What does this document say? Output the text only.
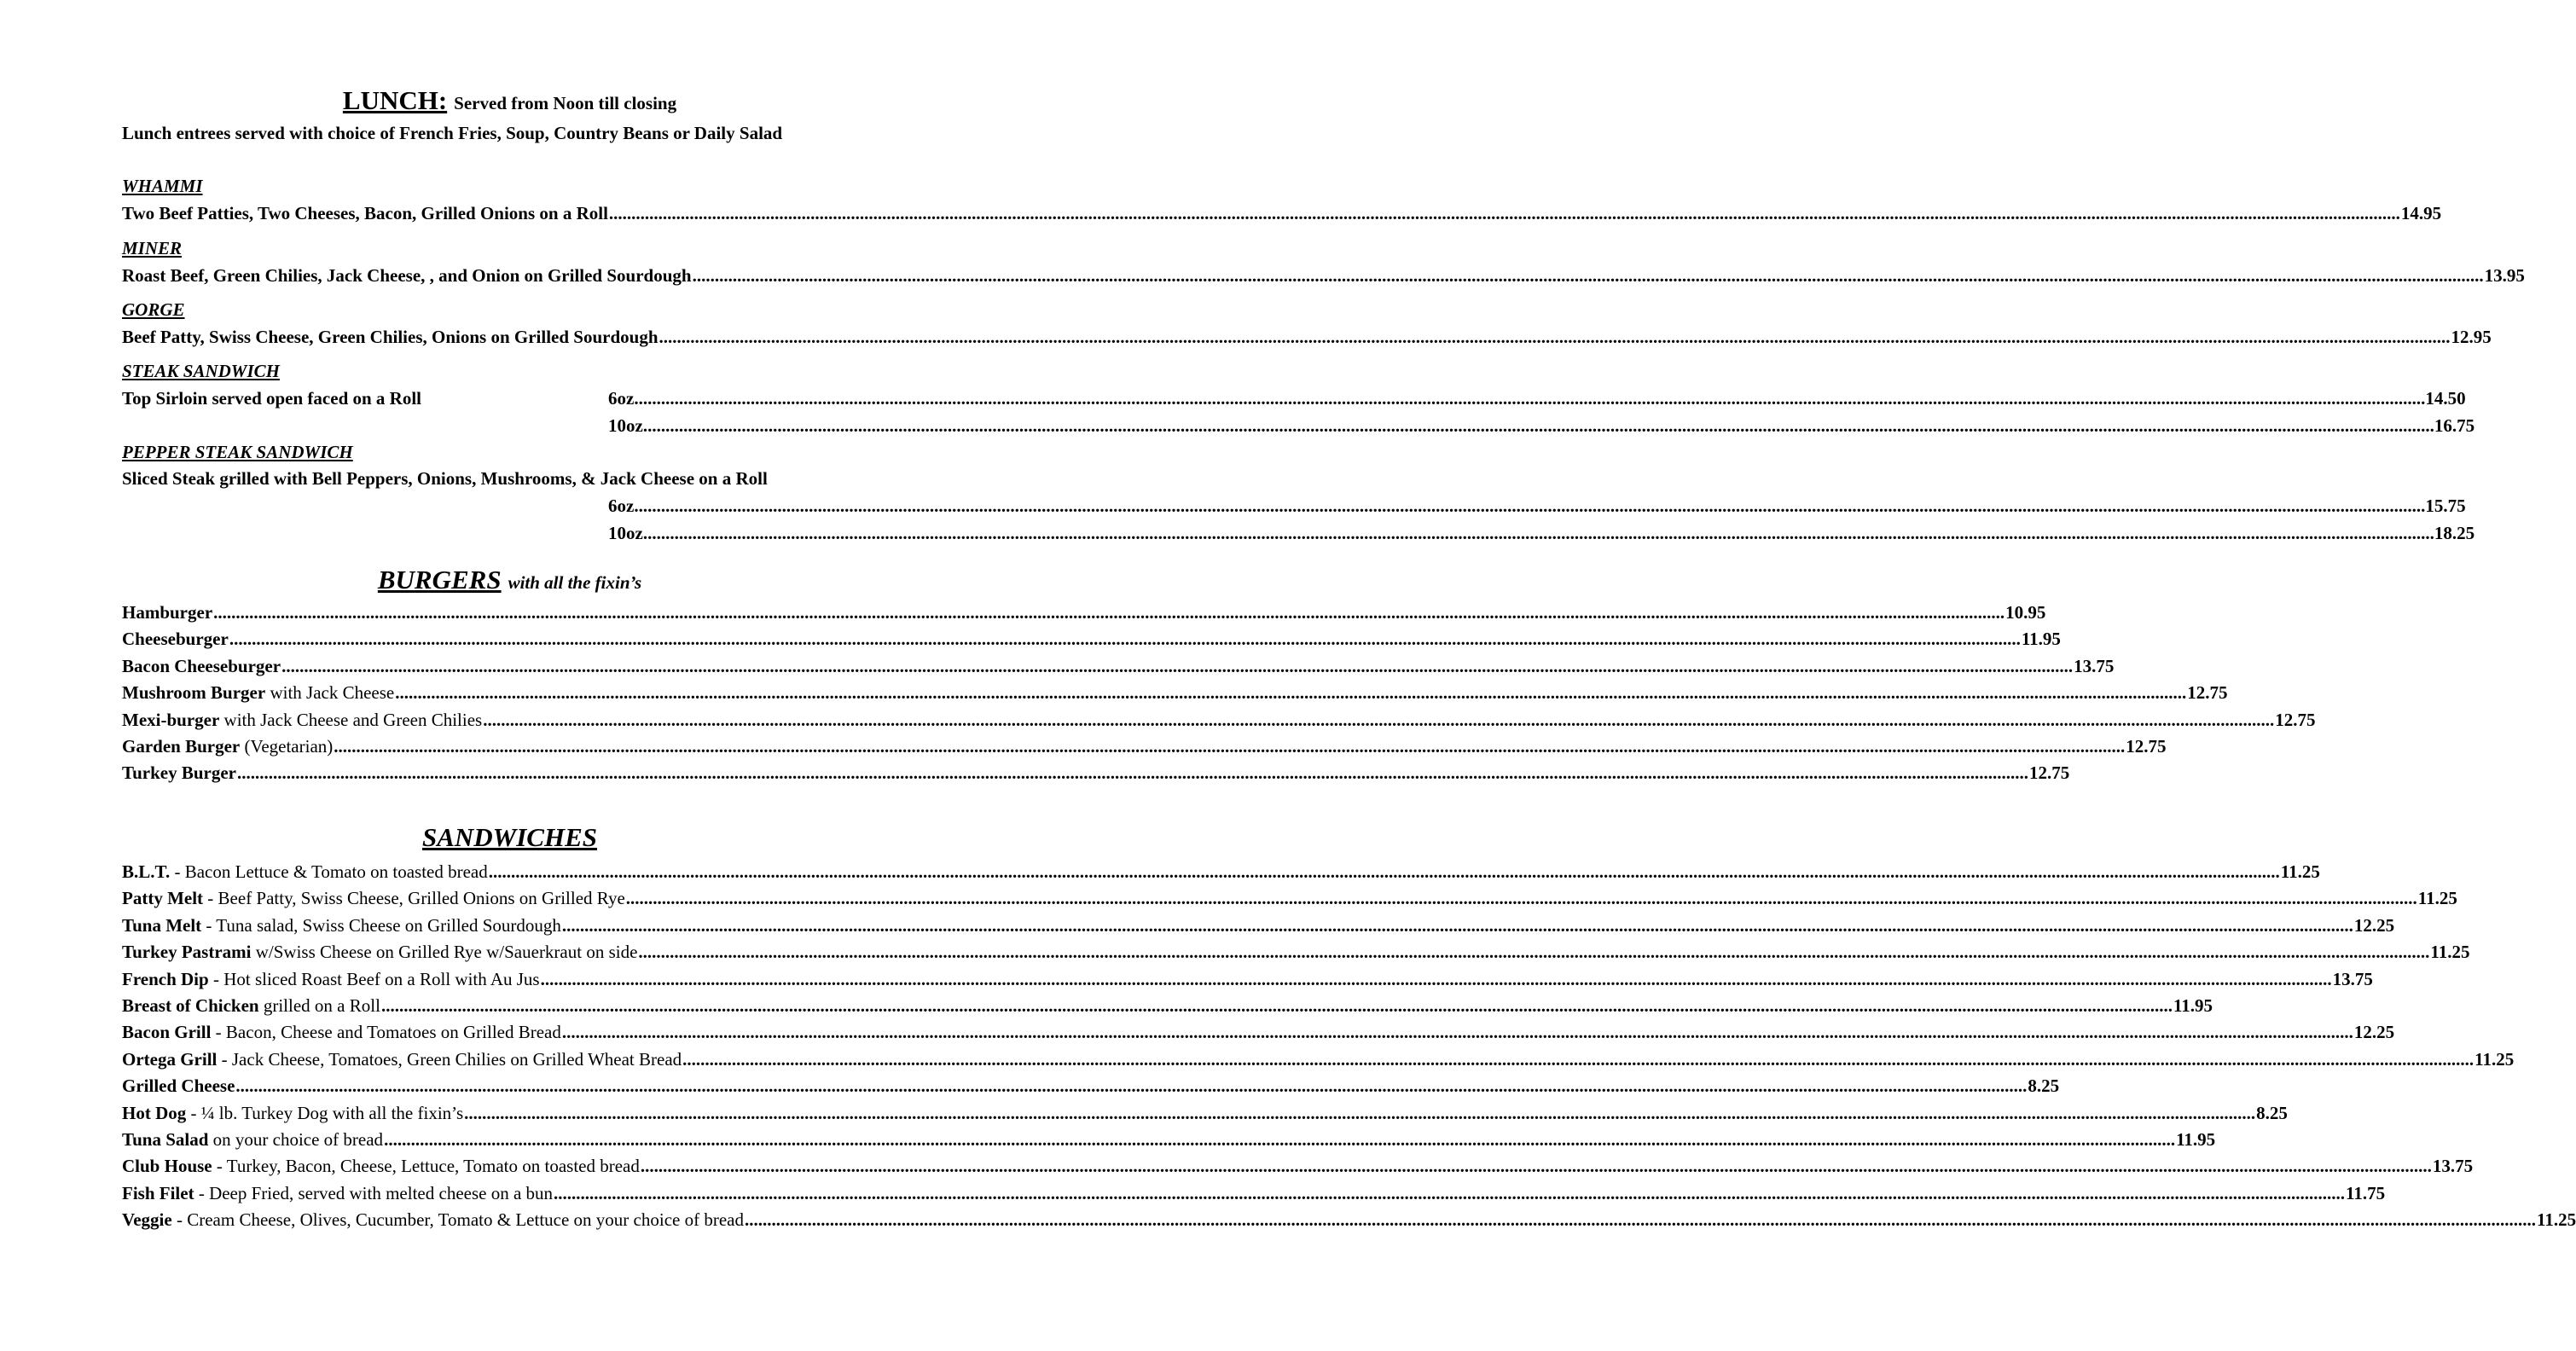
LUNCH: Served from Noon till closing
Lunch entrees served with choice of French Fries, Soup, Country Beans or Daily Salad
WHAMMI
Two Beef Patties, Two Cheeses, Bacon, Grilled Onions on a Roll ................................................................................................................................................................................................................................................................................................................................................................................................................ 14.95
MINER
Roast Beef, Green Chilies, Jack Cheese, , and Onion on Grilled Sourdough ................................................................................................................................................................................................................................................................................................................................................................................................................ 13.95
GORGE
Beef Patty, Swiss Cheese, Green Chilies, Onions on Grilled Sourdough ................................................................................................................................................................................................................................................................................................................................................................................................................ 12.95
STEAK SANDWICH
Top Sirloin served open faced on a Roll	6oz ................................................................................................................................................................................................................................................................................................................................................................................................................ 14.50
10oz ................................................................................................................................................................................................................................................................................................................................................................................................................ 16.75
PEPPER STEAK SANDWICH
Sliced Steak grilled with Bell Peppers, Onions, Mushrooms, & Jack Cheese on a Roll
6oz ................................................................................................................................................................................................................................................................................................................................................................................................................ 15.75
10oz ................................................................................................................................................................................................................................................................................................................................................................................................................ 18.25
BURGERS with all the fixin’s
Hamburger ................................................................................................................................................................................................................................................................................................................................................................................................................ 10.95
Cheeseburger ................................................................................................................................................................................................................................................................................................................................................................................................................ 11.95
Bacon Cheeseburger ................................................................................................................................................................................................................................................................................................................................................................................................................ 13.75
Mushroom Burger with Jack Cheese ................................................................................................................................................................................................................................................................................................................................................................................................................ 12.75
Mexi-burger with Jack Cheese and Green Chilies ................................................................................................................................................................................................................................................................................................................................................................................................................ 12.75
Garden Burger (Vegetarian) ................................................................................................................................................................................................................................................................................................................................................................................................................ 12.75
Turkey Burger ................................................................................................................................................................................................................................................................................................................................................................................................................ 12.75
SANDWICHES
B.L.T. - Bacon Lettuce & Tomato on toasted bread ................................................................................................................................................................................................................................................................................................................................................................................................................ 11.25
Patty Melt - Beef Patty, Swiss Cheese, Grilled Onions on Grilled Rye ................................................................................................................................................................................................................................................................................................................................................................................................................ 11.25
Tuna Melt - Tuna salad, Swiss Cheese on Grilled Sourdough ................................................................................................................................................................................................................................................................................................................................................................................................................ 12.25
Turkey Pastrami w/Swiss Cheese on Grilled Rye w/Sauerkraut on side ................................................................................................................................................................................................................................................................................................................................................................................................................ 11.25
French Dip - Hot sliced Roast Beef on a Roll with Au Jus ................................................................................................................................................................................................................................................................................................................................................................................................................ 13.75
Breast of Chicken grilled on a Roll ................................................................................................................................................................................................................................................................................................................................................................................................................ 11.95
Bacon Grill - Bacon, Cheese and Tomatoes on Grilled Bread ................................................................................................................................................................................................................................................................................................................................................................................................................ 12.25
Ortega Grill - Jack Cheese, Tomatoes, Green Chilies on Grilled Wheat Bread ................................................................................................................................................................................................................................................................................................................................................................................................................ 11.25
Grilled Cheese ................................................................................................................................................................................................................................................................................................................................................................................................................ 8.25
Hot Dog - ¼ lb. Turkey Dog with all the fixin’s ................................................................................................................................................................................................................................................................................................................................................................................................................ 8.25
Tuna Salad on your choice of bread ................................................................................................................................................................................................................................................................................................................................................................................................................ 11.95
Club House - Turkey, Bacon, Cheese, Lettuce, Tomato on toasted bread ................................................................................................................................................................................................................................................................................................................................................................................................................ 13.75
Fish Filet - Deep Fried, served with melted cheese on a bun ................................................................................................................................................................................................................................................................................................................................................................................................................ 11.75
Veggie - Cream Cheese, Olives, Cucumber, Tomato & Lettuce on your choice of bread ................................................................................................................................................................................................................................................................................................................................................................................................................ 11.25
